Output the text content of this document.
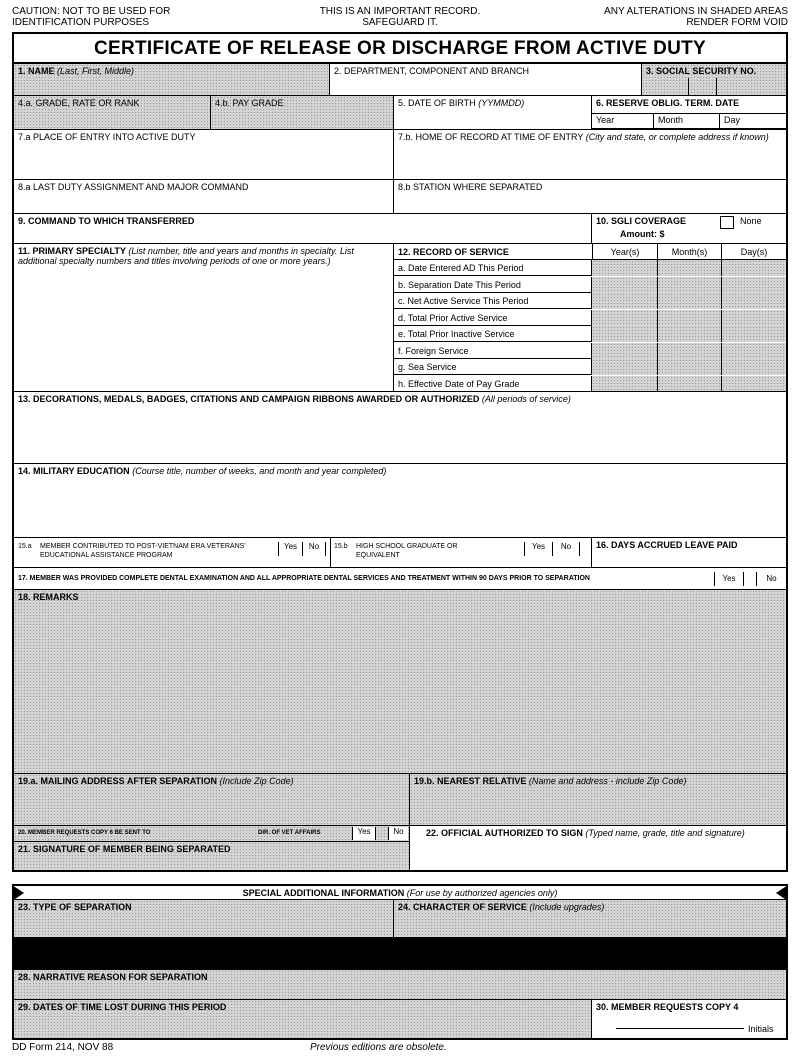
CAUTION: NOT TO BE USED FOR IDENTIFICATION PURPOSES
THIS IS AN IMPORTANT RECORD. SAFEGUARD IT.
ANY ALTERATIONS IN SHADED AREAS RENDER FORM VOID
CERTIFICATE OF RELEASE OR DISCHARGE FROM ACTIVE DUTY
1. NAME (Last, First, Middle)	2. DEPARTMENT, COMPONENT AND BRANCH	3. SOCIAL SECURITY NO.
4.a. GRADE, RATE OR RANK	4.b. PAY GRADE	5. DATE OF BIRTH (YYMMDD)	6. RESERVE OBLIG. TERM. DATE
Year	Month	Day
7.a PLACE OF ENTRY INTO ACTIVE DUTY	7.b. HOME OF RECORD AT TIME OF ENTRY (City and state, or complete address if known)
8.a LAST DUTY ASSIGNMENT AND MAJOR COMMAND	8.b STATION WHERE SEPARATED
9. COMMAND TO WHICH TRANSFERRED	10. SGLI COVERAGE	None
Amount: $
11. PRIMARY SPECIALTY (List number, title and years and months in specialty. List additional specialty numbers and titles involving periods of one or more years.)
12. RECORD OF SERVICE	Year(s)	Month(s)	Day(s)
a. Date Entered AD This Period
b. Separation Date This Period
c. Net Active Service This Period
d. Total Prior Active Service
e. Total Prior Inactive Service
f. Foreign Service
g. Sea Service
h. Effective Date of Pay Grade
13. DECORATIONS, MEDALS, BADGES, CITATIONS AND CAMPAIGN RIBBONS AWARDED OR AUTHORIZED (All periods of service)
14. MILITARY EDUCATION (Course title, number of weeks, and month and year completed)
15.a MEMBER CONTRIBUTED TO POST-VIETNAM ERA VETERANS' EDUCATIONAL ASSISTANCE PROGRAM
Yes	No	15.b HIGH SCHOOL GRADUATE OR EQUIVALENT
Yes	No	16. DAYS ACCRUED LEAVE PAID
17. MEMBER WAS PROVIDED COMPLETE DENTAL EXAMINATION AND ALL APPROPRIATE DENTAL SERVICES AND TREATMENT WITHIN 90 DAYS PRIOR TO SEPARATION	Yes	No
18. REMARKS
19.a. MAILING ADDRESS AFTER SEPARATION (Include Zip Code)	19.b. NEAREST RELATIVE (Name and address - include Zip Code)
20. MEMBER REQUESTS COPY 6 BE SENT TO	DIR. OF VET AFFAIRS	Yes	No
21. SIGNATURE OF MEMBER BEING SEPARATED
22. OFFICIAL AUTHORIZED TO SIGN (Typed name, grade, title and signature)
SPECIAL ADDITIONAL INFORMATION (For use by authorized agencies only)
23. TYPE OF SEPARATION	24. CHARACTER OF SERVICE (Include upgrades)
28. NARRATIVE REASON FOR SEPARATION
29. DATES OF TIME LOST DURING THIS PERIOD	30. MEMBER REQUESTS COPY 4
Initials
DD Form 214, NOV 88	Previous editions are obsolete.
